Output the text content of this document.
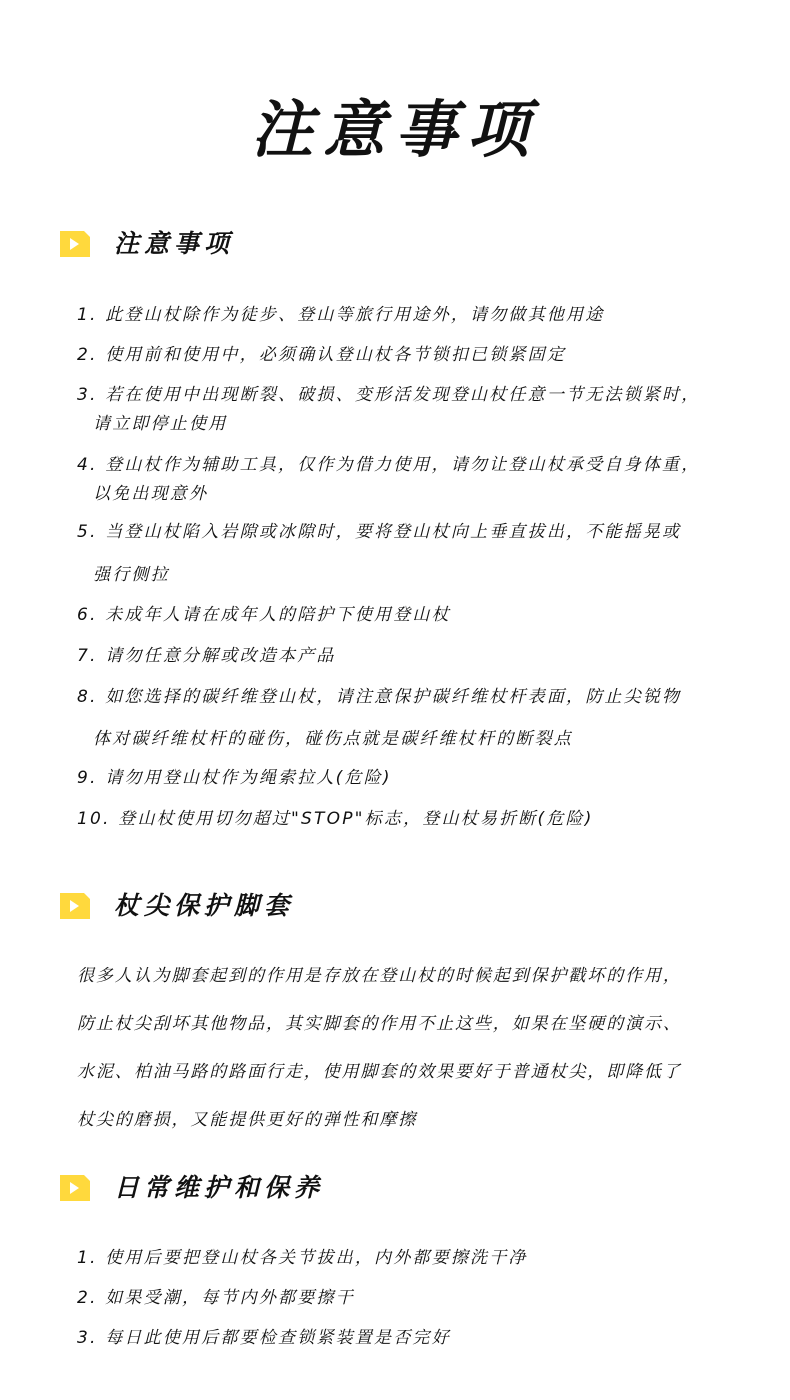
注意事项
注意事项
1. 此登山杖除作为徒步、登山等旅行用途外，请勿做其他用途
2. 使用前和使用中，必须确认登山杖各节锁扣已锁紧固定
3. 若在使用中出现断裂、破损、变形活发现登山杖任意一节无法锁紧时，
请立即停止使用
4. 登山杖作为辅助工具，仅作为借力使用，请勿让登山杖承受自身体重，
以免出现意外
5. 当登山杖陷入岩隙或冰隙时，要将登山杖向上垂直拔出，不能摇晃或
强行侧拉
6. 未成年人请在成年人的陪护下使用登山杖
7. 请勿任意分解或改造本产品
8. 如您选择的碳纤维登山杖，请注意保护碳纤维杖杆表面，防止尖锐物
体对碳纤维杖杆的碰伤，碰伤点就是碳纤维杖杆的断裂点
9. 请勿用登山杖作为绳索拉人(危险)
10. 登山杖使用切勿超过"STOP"标志，登山杖易折断(危险)
杖尖保护脚套

很多人认为脚套起到的作用是存放在登山杖的时候起到保护戳坏的作用，

防止杖尖刮坏其他物品，其实脚套的作用不止这些，如果在坚硬的演示、

水泥、柏油马路的路面行走，使用脚套的效果要好于普通杖尖，即降低了

杖尖的磨损，又能提供更好的弹性和摩擦

日常维护和保养
1. 使用后要把登山杖各关节拔出，内外都要擦洗干净
2. 如果受潮，每节内外都要擦干
3. 每日此使用后都要检查锁紧装置是否完好
